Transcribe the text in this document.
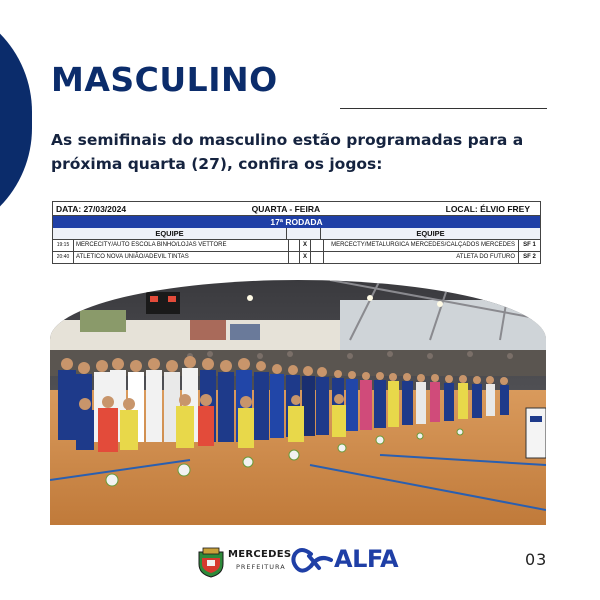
MASCULINO

As semifinais do masculino estão programadas para a próxima quarta (27), confira os jogos:

DATA: 27/03/2024	QUARTA - FEIRA	LOCAL: ÉLVIO FREY
17ª RODADA
EQUIPE	EQUIPE
19:15	MERCECITY/AUTO ESCOLA BINHO/LOJAS VETTORE	X	MERCECTY/METALURGICA MERCEDES/CALÇADOS MERCEDES	SF 1
20:40	ATLETICO NOVA UNIÃO/ADEVIL TINTAS	X	ATLETA DO FUTURO	SF 2
MERCEDES
PREFEITURA ALFA	03
